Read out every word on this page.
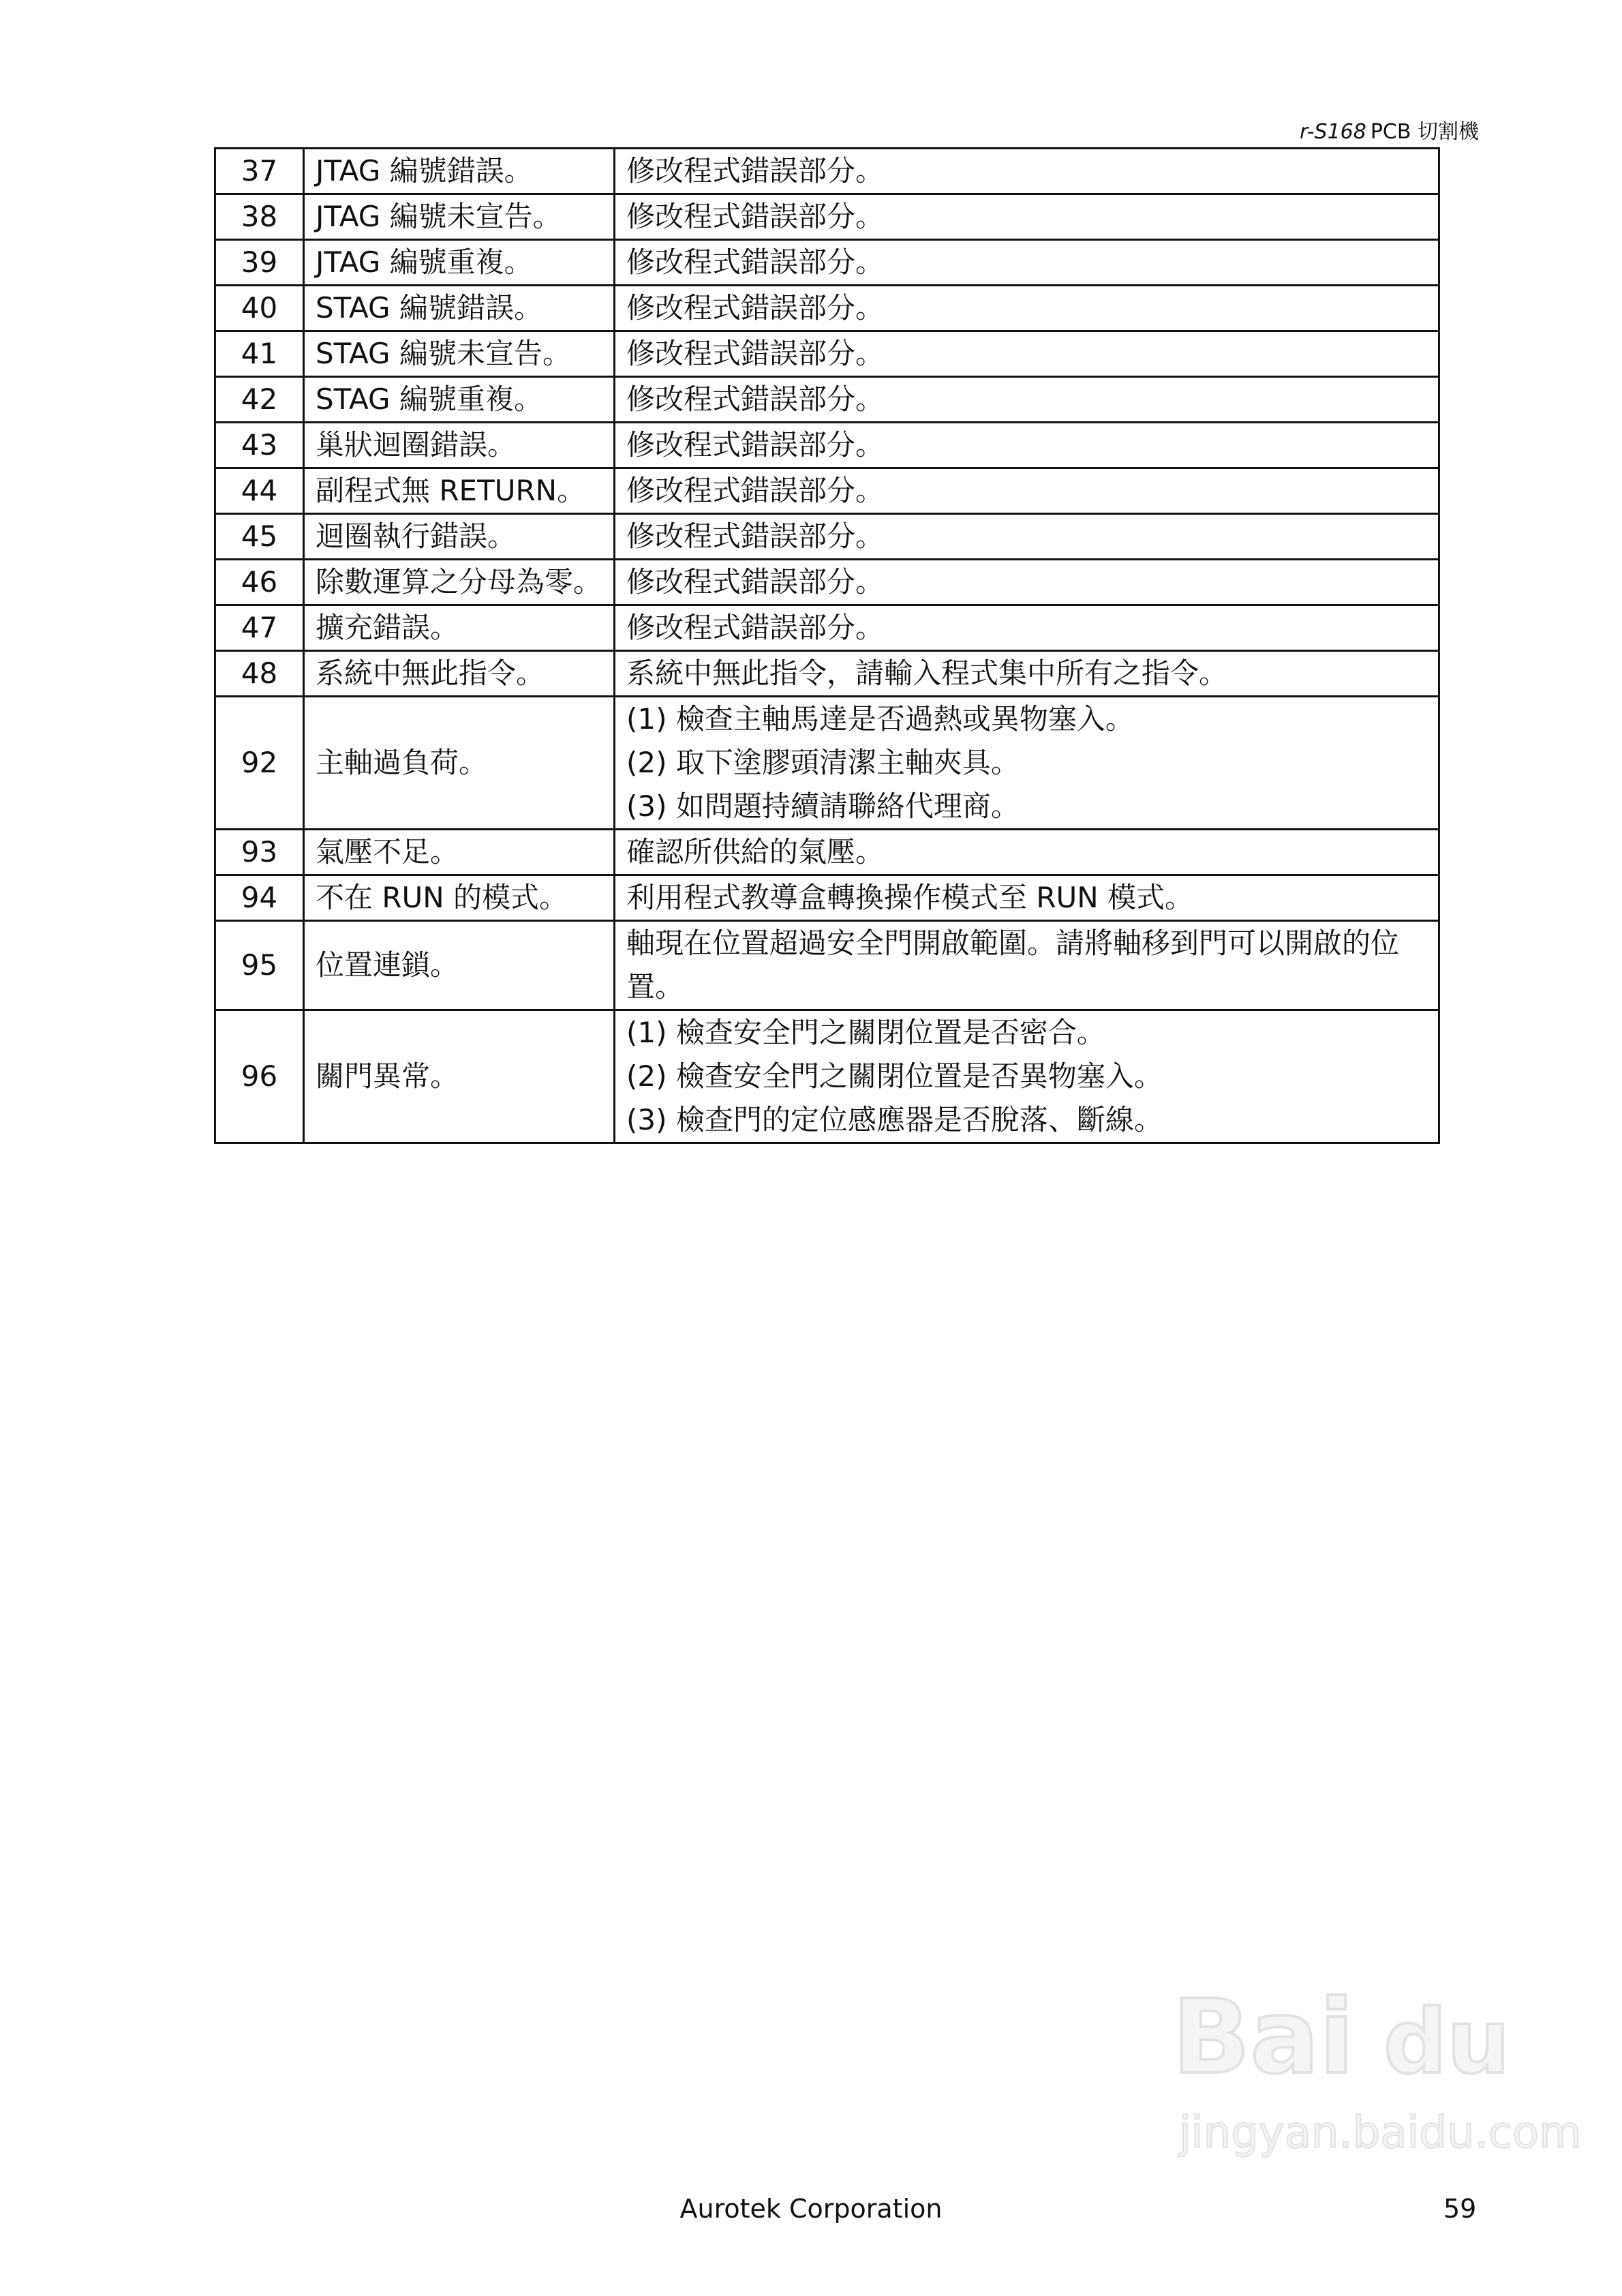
r-S168 PCB 切割機
37	JTAG 編號錯誤。	修改程式錯誤部分。

38	JTAG 編號未宣告。	修改程式錯誤部分。

39	JTAG 編號重複。	修改程式錯誤部分。

40	STAG 編號錯誤。	修改程式錯誤部分。

41	STAG 編號未宣告。	修改程式錯誤部分。

42	STAG 編號重複。	修改程式錯誤部分。

43	巢狀迴圈錯誤。	修改程式錯誤部分。

44	副程式無 RETURN。	修改程式錯誤部分。

45	迴圈執行錯誤。	修改程式錯誤部分。

46	除數運算之分母為零。	修改程式錯誤部分。

47	擴充錯誤。	修改程式錯誤部分。

48	系統中無此指令。	系統中無此指令，請輸入程式集中所有之指令。

92	主軸過負荷。	(1) 檢查主軸馬達是否過熱或異物塞入。
(2) 取下塗膠頭清潔主軸夾具。
(3) 如問題持續請聯絡代理商。

93	氣壓不足。	確認所供給的氣壓。

94	不在 RUN 的模式。	利用程式教導盒轉換操作模式至 RUN 模式。

95	位置連鎖。	軸現在位置超過安全門開啟範圍。請將軸移到門可以開啟的位置。

96	關門異常。	(1) 檢查安全門之關閉位置是否密合。
(2) 檢查安全門之關閉位置是否異物塞入。
(3) 檢查門的定位感應器是否脫落、斷線。
Aurotek Corporation	59
Bai du
jingyan.baidu.com
